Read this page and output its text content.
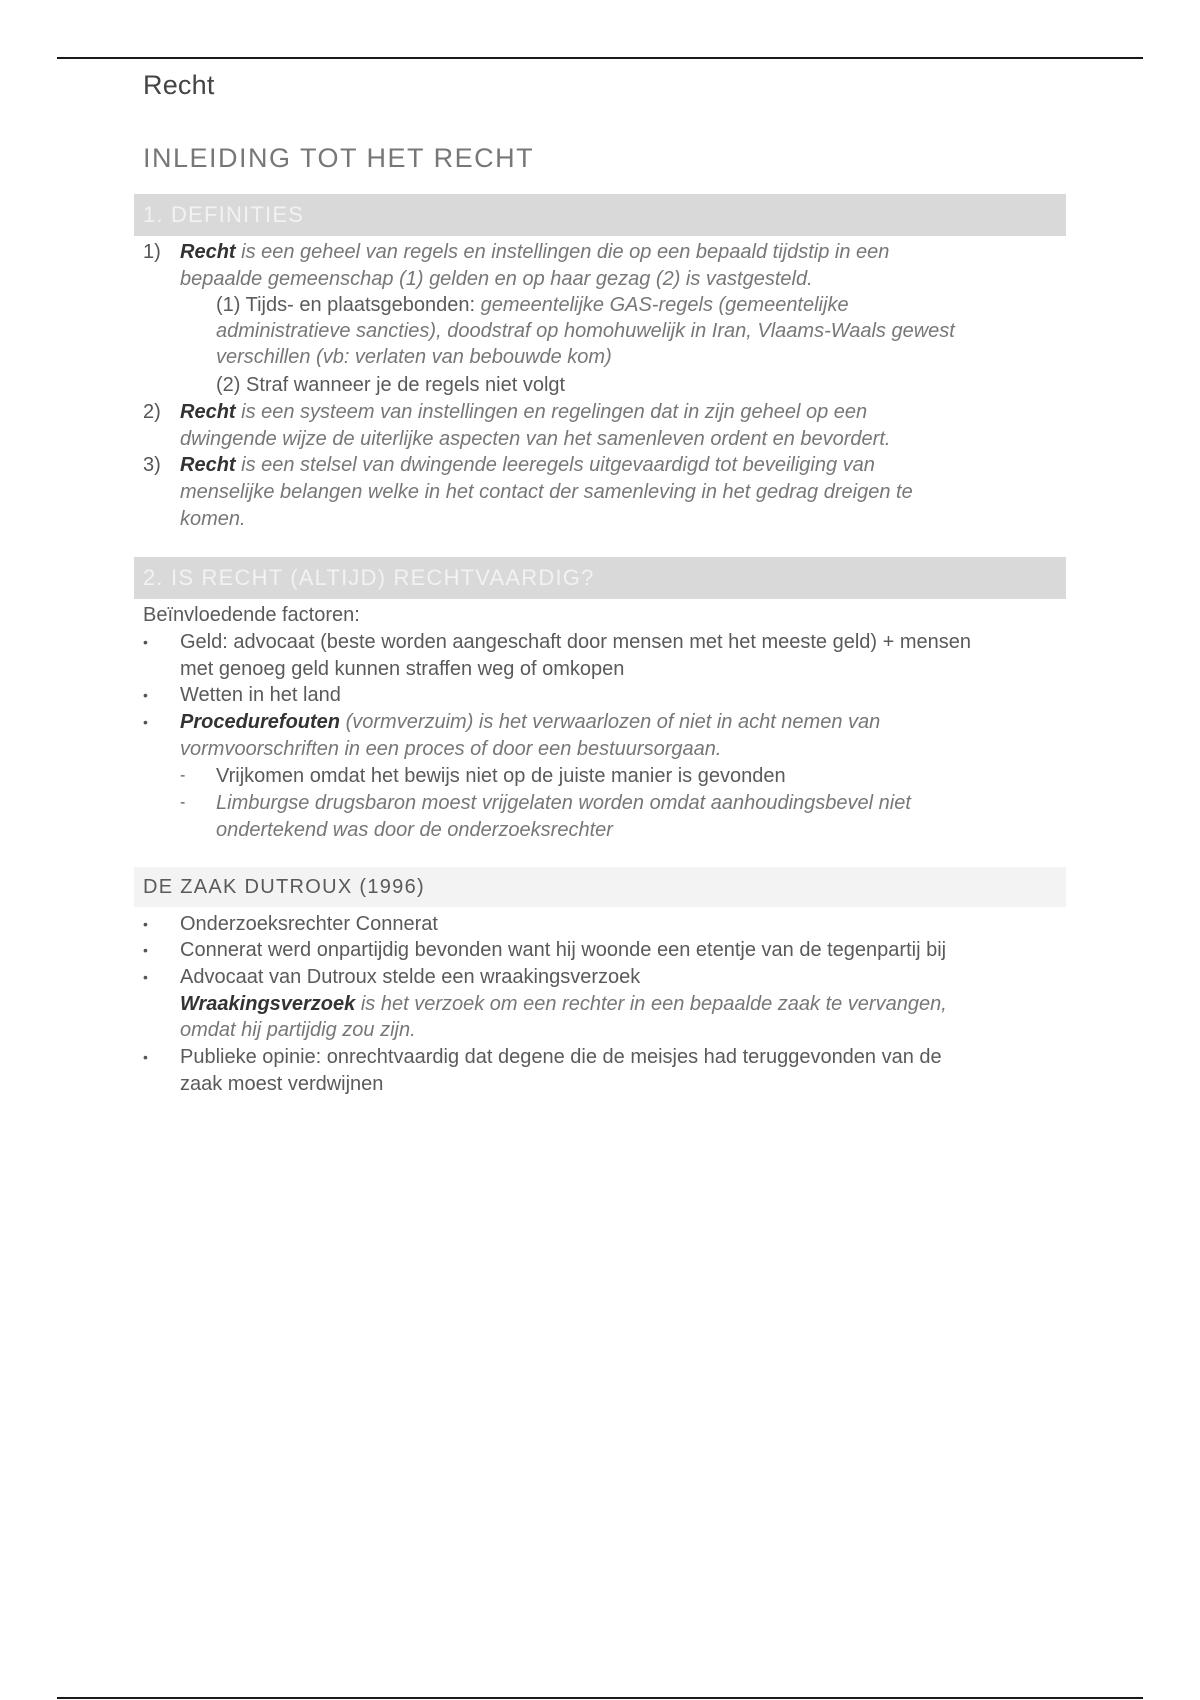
Recht
INLEIDING TOT HET RECHT
1. DEFINITIES
1) Recht is een geheel van regels en instellingen die op een bepaald tijdstip in een
bepaalde gemeenschap (1) gelden en op haar gezag (2) is vastgesteld.
(1) Tijds- en plaatsgebonden: gemeentelijke GAS-regels (gemeentelijke
administratieve sancties), doodstraf op homohuwelijk in Iran, Vlaams-Waals gewest
verschillen (vb: verlaten van bebouwde kom)
(2) Straf wanneer je de regels niet volgt
2) Recht is een systeem van instellingen en regelingen dat in zijn geheel op een
dwingende wijze de uiterlijke aspecten van het samenleven ordent en bevordert.
3) Recht is een stelsel van dwingende leeregels uitgevaardigd tot beveiliging van
menselijke belangen welke in het contact der samenleving in het gedrag dreigen te
komen.
2. IS RECHT (ALTIJD) RECHTVAARDIG?
Beïnvloedende factoren:
• Geld: advocaat (beste worden aangeschaft door mensen met het meeste geld) + mensen
met genoeg geld kunnen straffen weg of omkopen
• Wetten in het land
• Procedurefouten (vormverzuim) is het verwaarlozen of niet in acht nemen van
vormvoorschriften in een proces of door een bestuursorgaan.
- Vrijkomen omdat het bewijs niet op de juiste manier is gevonden
- Limburgse drugsbaron moest vrijgelaten worden omdat aanhoudingsbevel niet
ondertekend was door de onderzoeksrechter
DE ZAAK DUTROUX (1996)
• Onderzoeksrechter Connerat
• Connerat werd onpartijdig bevonden want hij woonde een etentje van de tegenpartij bij
• Advocaat van Dutroux stelde een wraakingsverzoek
Wraakingsverzoek is het verzoek om een rechter in een bepaalde zaak te vervangen,
omdat hij partijdig zou zijn.
• Publieke opinie: onrechtvaardig dat degene die de meisjes had teruggevonden van de
zaak moest verdwijnen
